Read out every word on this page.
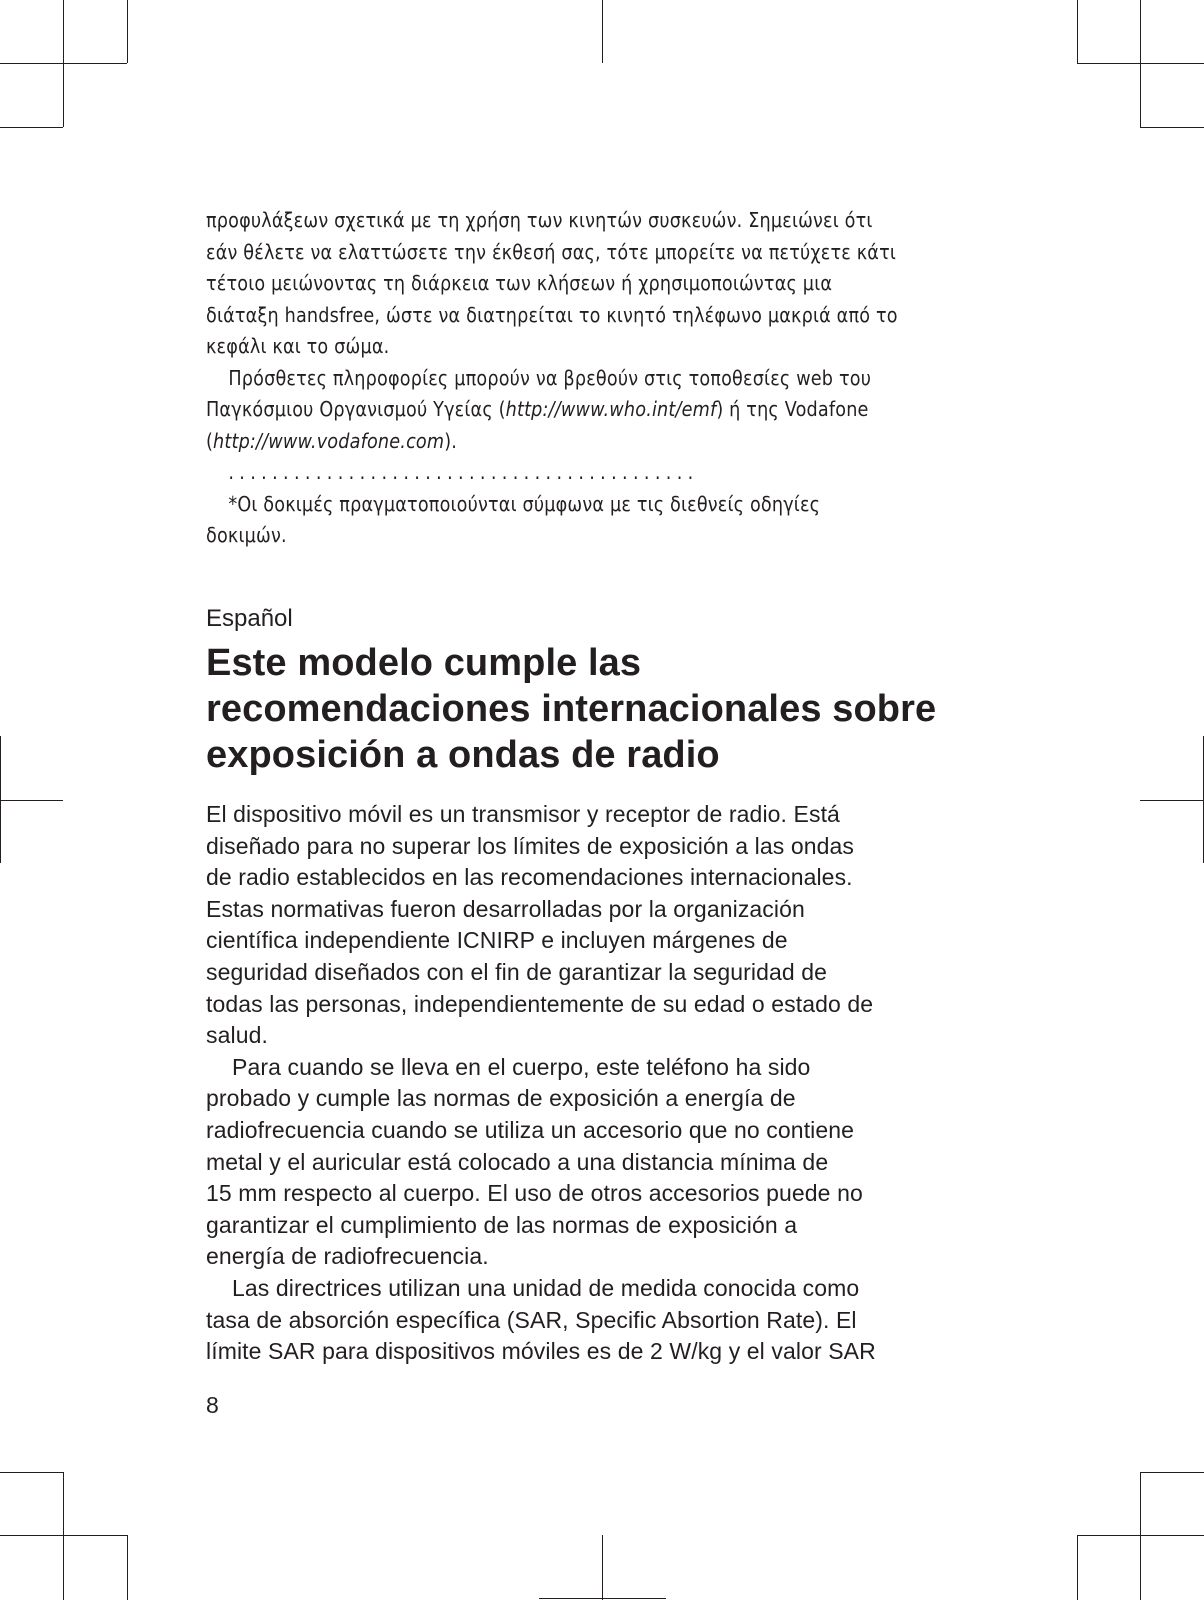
προφυλάξεων σχετικά με τη χρήση των κινητών συσκευών. Σημειώνει ότι
εάν θέλετε να ελαττώσετε την έκθεσή σας, τότε μπορείτε να πετύχετε κάτι
τέτοιο μειώνοντας τη διάρκεια των κλήσεων ή χρησιμοποιώντας μια
διάταξη handsfree, ώστε να διατηρείται το κινητό τηλέφωνο μακριά από το
κεφάλι και το σώμα.
Πρόσθετες πληροφορίες μπορούν να βρεθούν στις τοποθεσίες web του
Παγκόσμιου Οργανισμού Υγείας (http://www.who.int/emf) ή της Vodafone
(http://www.vodafone.com).
...........................................
*Οι δοκιμές πραγματοποιούνται σύμφωνα με τις διεθνείς οδηγίες
δοκιμών.
Español
Este modelo cumple las
recomendaciones internacionales sobre
exposición a ondas de radio
El dispositivo móvil es un transmisor y receptor de radio. Está
diseñado para no superar los límites de exposición a las ondas
de radio establecidos en las recomendaciones internacionales.
Estas normativas fueron desarrolladas por la organización
científica independiente ICNIRP e incluyen márgenes de
seguridad diseñados con el fin de garantizar la seguridad de
todas las personas, independientemente de su edad o estado de
salud.
Para cuando se lleva en el cuerpo, este teléfono ha sido
probado y cumple las normas de exposición a energía de
radiofrecuencia cuando se utiliza un accesorio que no contiene
metal y el auricular está colocado a una distancia mínima de
15 mm respecto al cuerpo. El uso de otros accesorios puede no
garantizar el cumplimiento de las normas de exposición a
energía de radiofrecuencia.
Las directrices utilizan una unidad de medida conocida como
tasa de absorción específica (SAR, Specific Absortion Rate). El
límite SAR para dispositivos móviles es de 2 W/kg y el valor SAR
8
